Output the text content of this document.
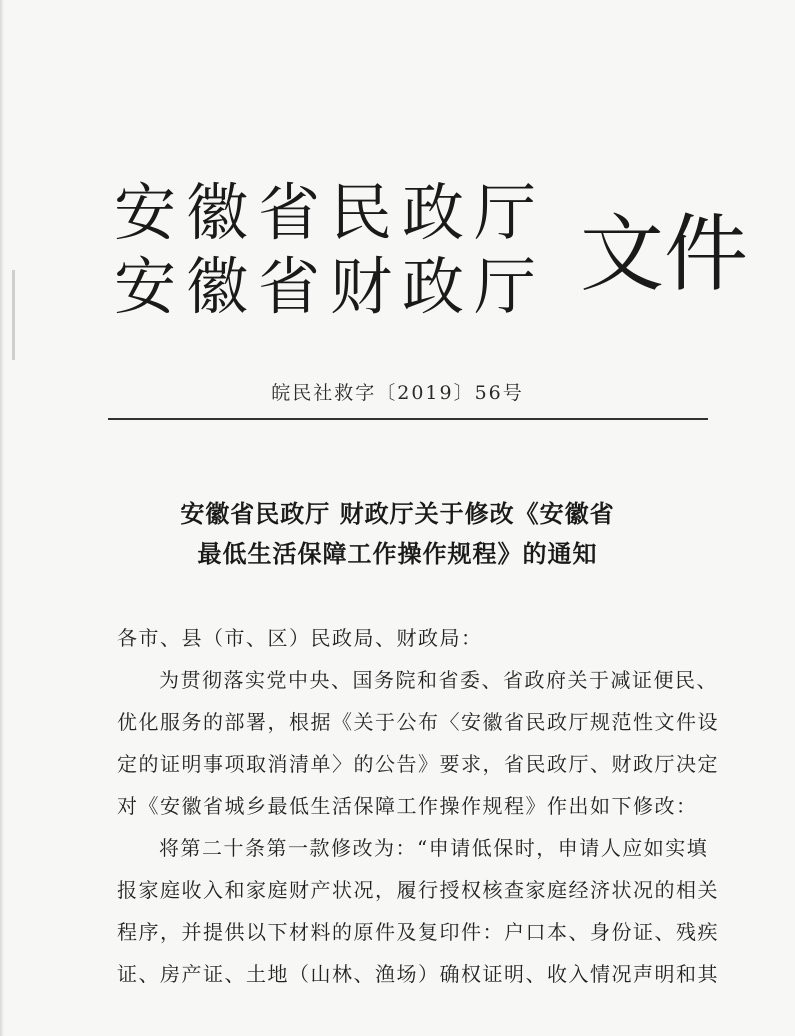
安徽省民政厅
安徽省财政厅 文件
皖民社救字〔2019〕56号
安徽省民政厅 财政厅关于修改《安徽省
最低生活保障工作操作规程》的通知
各市、县（市、区）民政局、财政局：
为贯彻落实党中央、国务院和省委、省政府关于减证便民、
优化服务的部署，根据《关于公布〈安徽省民政厅规范性文件设
定的证明事项取消清单〉的公告》要求，省民政厅、财政厅决定
对《安徽省城乡最低生活保障工作操作规程》作出如下修改：
将第二十条第一款修改为：“申请低保时，申请人应如实填
报家庭收入和家庭财产状况，履行授权核查家庭经济状况的相关
程序，并提供以下材料的原件及复印件：户口本、身份证、残疾
证、房产证、土地（山林、渔场）确权证明、收入情况声明和其
